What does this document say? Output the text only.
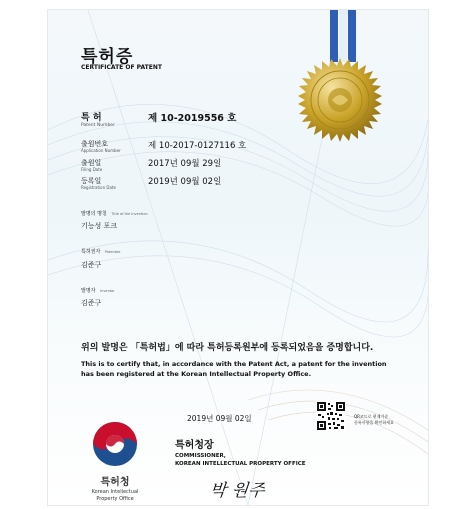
특허증
CERTIFICATE OF PATENT
특 허
Patent Number
제 10-2019556 호
출원번호
Application Number	제 10-2017-0127116 호
출원일
Filing Date
2017년 09월 29일
등록일
Registration Date
2019년 09월 02일
발명의 명칭 Title of the Invention
기능성 포크
특허권자 Patentee
김준구
발명자 Inventor
김준구
위의 발명은 「특허법」에 따라 특허등록원부에 등록되었음을 증명합니다.
This is to certify that, in accordance with the Patent Act, a patent for the invention
has been registered at the Korean Intellectual Property Office.
특허청
Korean Intellectual
Property Office
2019년 09월 02일
특허청장
COMMISSIONER,
KOREAN INTELLECTUAL PROPERTY OFFICE
박 원주
QR코드로 현재기준
등록사항을 확인하세요
